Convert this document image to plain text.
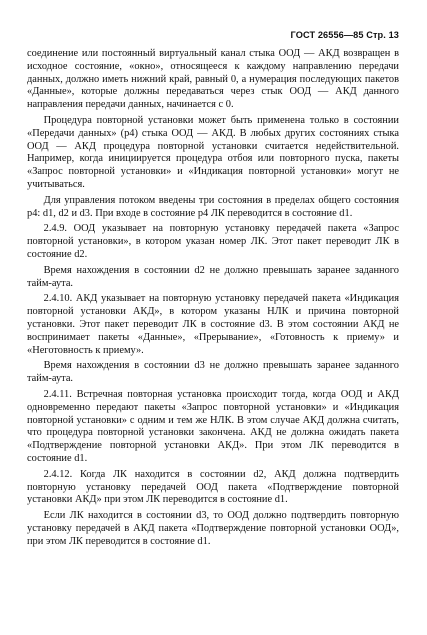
ГОСТ 26556—85 Стр. 13

соединение или постоянный виртуальный канал стыка ООД — АКД возвращен в исходное состояние, «окно», относящееся к каждому направлению передачи данных, должно иметь нижний край, равный 0, а нумерация последующих пакетов «Данные», которые должны передаваться через стык ООД — АКД данного направления передачи данных, начинается с 0.

Процедура повторной установки может быть применена только в состоянии «Передачи данных» (p4) стыка ООД — АКД. В любых других состояниях стыка ООД — АКД процедура повторной установки считается недействительной. Например, когда инициируется процедура отбоя или повторного пуска, пакеты «Запрос повторной установки» и «Индикация повторной установки» могут не учитываться.

Для управления потоком введены три состояния в пределах общего состояния p4: d1, d2 и d3. При входе в состояние p4 ЛК переводится в состояние d1.

2.4.9. ООД указывает на повторную установку передачей пакета «Запрос повторной установки», в котором указан номер ЛК. Этот пакет переводит ЛК в состояние d2.

Время нахождения в состоянии d2 не должно превышать заранее заданного тайм-аута.

2.4.10. АКД указывает на повторную установку передачей пакета «Индикация повторной установки АКД», в котором указаны НЛК и причина повторной установки. Этот пакет переводит ЛК в состояние d3. В этом состоянии АКД не воспринимает пакеты «Данные», «Прерывание», «Готовность к приему» и «Неготовность к приему».

Время нахождения в состоянии d3 не должно превышать заранее заданного тайм-аута.

2.4.11. Встречная повторная установка происходит тогда, когда ООД и АКД одновременно передают пакеты «Запрос повторной установки» и «Индикация повторной установки» с одним и тем же НЛК. В этом случае АКД должна считать, что процедура повторной установки закончена. АКД не должна ожидать пакета «Подтверждение повторной установки АКД». При этом ЛК переводится в состояние d1.

2.4.12. Когда ЛК находится в состоянии d2, АКД должна подтвердить повторную установку передачей ООД пакета «Подтверждение повторной установки АКД» при этом ЛК переводится в состояние d1.

Если ЛК находится в состоянии d3, то ООД должно подтвердить повторную установку передачей в АКД пакета «Подтверждение повторной установки ООД», при этом ЛК переводится в состояние d1.
